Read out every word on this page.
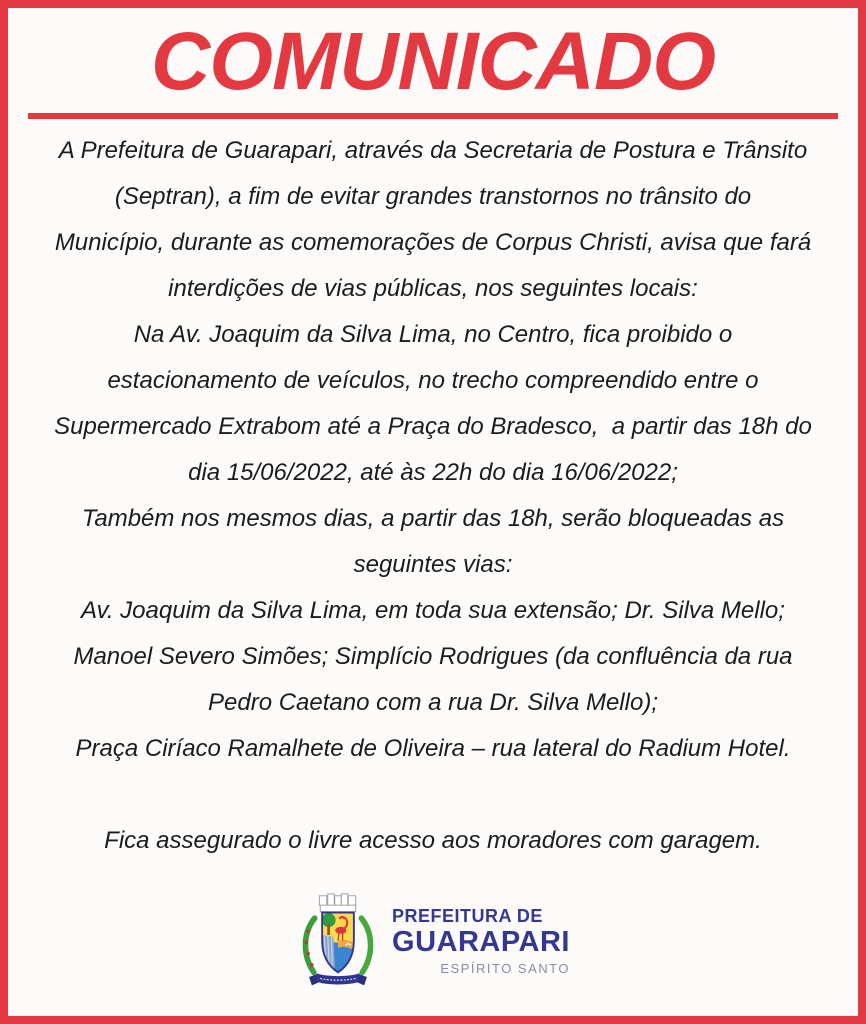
COMUNICADO
A Prefeitura de Guarapari, através da Secretaria de Postura e Trânsito
(Septran), a fim de evitar grandes transtornos no trânsito do
Município, durante as comemorações de Corpus Christi, avisa que fará
interdições de vias públicas, nos seguintes locais:
Na Av. Joaquim da Silva Lima, no Centro, fica proibido o
estacionamento de veículos, no trecho compreendido entre o
Supermercado Extrabom até a Praça do Bradesco,  a partir das 18h do
dia 15/06/2022, até às 22h do dia 16/06/2022;
Também nos mesmos dias, a partir das 18h, serão bloqueadas as
seguintes vias:
Av. Joaquim da Silva Lima, em toda sua extensão; Dr. Silva Mello;
Manoel Severo Simões; Simplício Rodrigues (da confluência da rua
Pedro Caetano com a rua Dr. Silva Mello);
Praça Ciríaco Ramalhete de Oliveira – rua lateral do Radium Hotel.
Fica assegurado o livre acesso aos moradores com garagem.
PREFEITURA DE
GUARAPARI
ESPÍRITO SANTO
